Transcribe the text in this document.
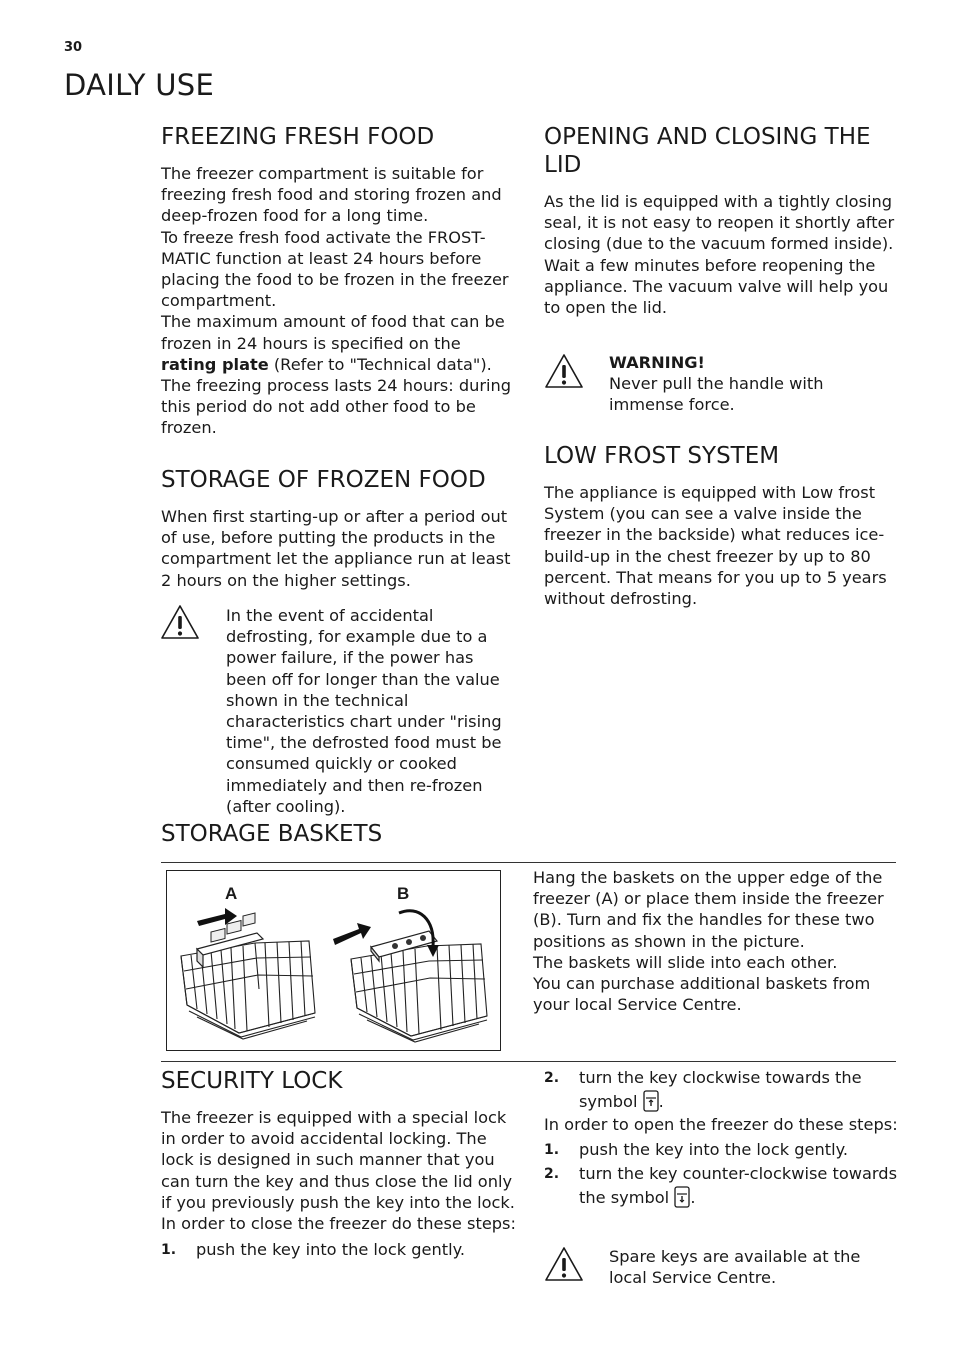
30
DAILY USE
FREEZING FRESH FOOD

The freezer compartment is suitable for freezing fresh food and storing frozen and deep-frozen food for a long time.

To freeze fresh food activate the FROST-MATIC function at least 24 hours before placing the food to be frozen in the freezer compartment.

The maximum amount of food that can be frozen in 24 hours is specified on the rating plate (Refer to "Technical data").

The freezing process lasts 24 hours: during this period do not add other food to be frozen.

STORAGE OF FROZEN FOOD

When first starting-up or after a period out of use, before putting the products in the compartment let the appliance run at least 2 hours on the higher settings.

In the event of accidental defrosting, for example due to a power failure, if the power has been off for longer than the value shown in the technical characteristics chart under "rising time", the defrosted food must be consumed quickly or cooked immediately and then re-frozen (after cooling).
OPENING AND CLOSING THE LID

As the lid is equipped with a tightly closing seal, it is not easy to reopen it shortly after closing (due to the vacuum formed inside).

Wait a few minutes before reopening the appliance. The vacuum valve will help you to open the lid.

WARNING!
Never pull the handle with immense force.
LOW FROST SYSTEM

The appliance is equipped with Low frost System (you can see a valve inside the freezer in the backside) what reduces ice-build-up in the chest freezer by up to 80 percent. That means for you up to 5 years without defrosting.

STORAGE BASKETS
A	B

Hang the baskets on the upper edge of the freezer (A) or place them inside the freezer (B). Turn and fix the handles for these two positions as shown in the picture.

The baskets will slide into each other.

You can purchase additional baskets from your local Service Centre.

SECURITY LOCK

The freezer is equipped with a special lock in order to avoid accidental locking. The lock is designed in such manner that you can turn the key and thus close the lid only if you previously push the key into the lock.

In order to close the freezer do these steps:

1. push the key into the lock gently.
2. turn the key clockwise towards the symbol .

In order to open the freezer do these steps:

1. push the key into the lock gently.
2. turn the key counter-clockwise towards the symbol .
Spare keys are available at the local Service Centre.
